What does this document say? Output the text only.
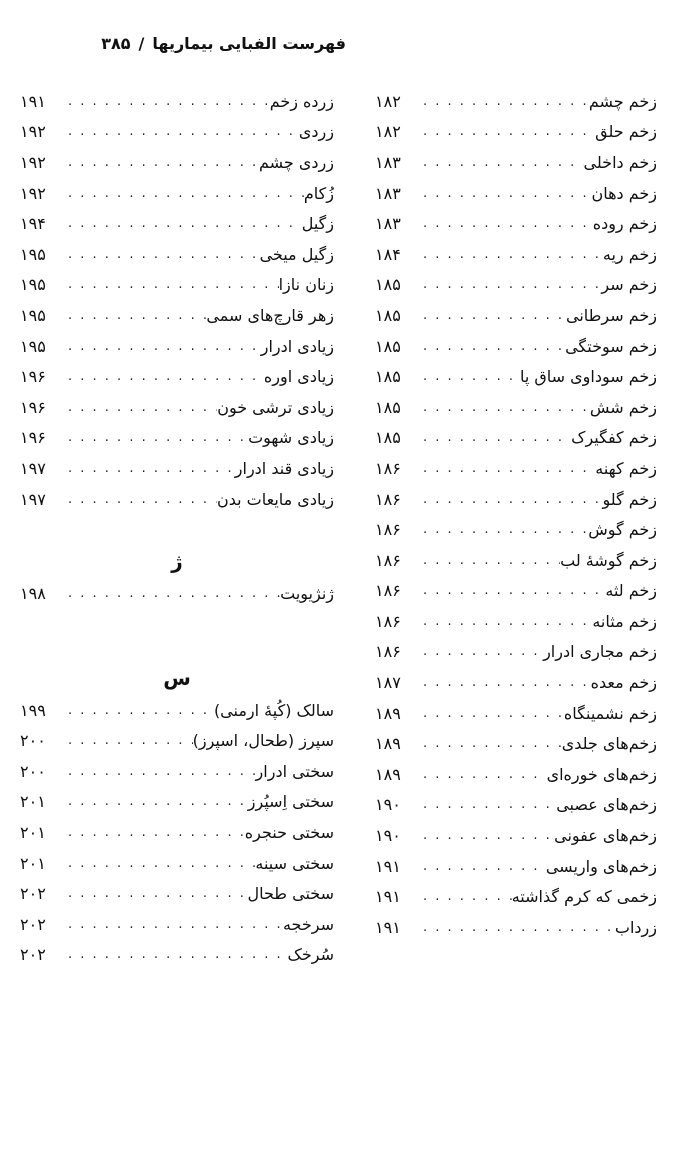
فهرست الفبایی بیماریها
/
۳۸۵
زخم چشم
. . .
۱۸۲
زخم حلق
. . .
۱۸۲
زخم داخلی
. . .
۱۸۳
زخم دهان
. . .
۱۸۳
زخم روده
. . .
۱۸۳
زخم ریه
. . .
۱۸۴
زخم سر
. . .
۱۸۵
زخم سرطانی
. . .
۱۸۵
زخم سوختگی
. . .
۱۸۵
زخم سوداوی ساق پا
. . .
۱۸۵
زخم شش
. . .
۱۸۵
زخم کفگیرک
. . .
۱۸۵
زخم کهنه
. . .
۱۸۶
زخم گلو
. . .
۱۸۶
زخم گوش
. . .
۱۸۶
زخم گوشۀ لب
. . .
۱۸۶
زخم لثه
. . .
۱۸۶
زخم مثانه
. . .
۱۸۶
زخم مجاری ادرار
. . .
۱۸۶
زخم معده
. . .
۱۸۷
زخم نشمینگاه
. . .
۱۸۹
زخم‌های جلدی
. . .
۱۸۹
زخم‌های خوره‌ای
. . .
۱۸۹
زخم‌های عصبی
. . .
۱۹۰
زخم‌های عفونی
. . .
۱۹۰
زخم‌های واریسی
. . .
۱۹۱
زخمی که کرم گذاشته
. . .
۱۹۱
زرداب
. . .
۱۹۱
زرده زخم
. . .
۱۹۱
زردی
. . .
۱۹۲
زردی چشم
. . .
۱۹۲
زُکام
. . .
۱۹۲
زگیل
. . .
۱۹۴
زگیل میخی
. . .
۱۹۵
زنان نازا
. . .
۱۹۵
زهر قارچ‌های سمی
. . .
۱۹۵
زیادی ادرار
. . .
۱۹۵
زیادی اوره
. . .
۱۹۶
زیادی ترشی خون
. . .
۱۹۶
زیادی شهوت
. . .
۱۹۶
زیادی قند ادرار
. . .
۱۹۷
زیادی مایعات بدن
. . .
۱۹۷
ژ
ژنژیویت
. . .
۱۹۸
س
سالک (کُپۀ ارمنی)
. . .
۱۹۹
سپرز (طحال، اسپرز)
. . .
۲۰۰
سختی ادرار
. . .
۲۰۰
سختی اِسپُرز
. . .
۲۰۱
سختی حنجره
. . .
۲۰۱
سختی سینه
. . .
۲۰۱
سختی طحال
. . .
۲۰۲
سرخجه
. . .
۲۰۲
سُرخک
. . .
۲۰۲
